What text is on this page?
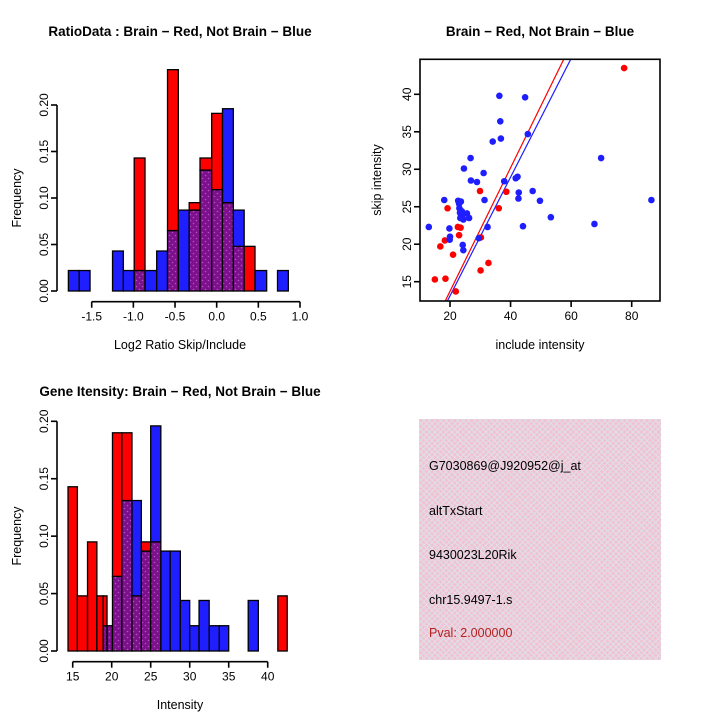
0.00
0.05
0.10
0.15
0.20
-1.5 -1.0 -0.5 0.0 0.5 1.0
RatioData : Brain − Red, Not Brain − Blue
Log2 Ratio Skip/Include
Frequency
20	40	60	80
15
20
25
30
35
40
Brain − Red, Not Brain − Blue
include intensity
skip intensity
0.00
0.05
0.10
0.15
0.20
15 20 25 30 35 40
Gene Itensity: Brain − Red, Not Brain − Blue
Intensity
Frequency
G7030869@J920952@j_at
altTxStart
9430023L20Rik
chr15.9497-1.s
Pval: 2.000000
